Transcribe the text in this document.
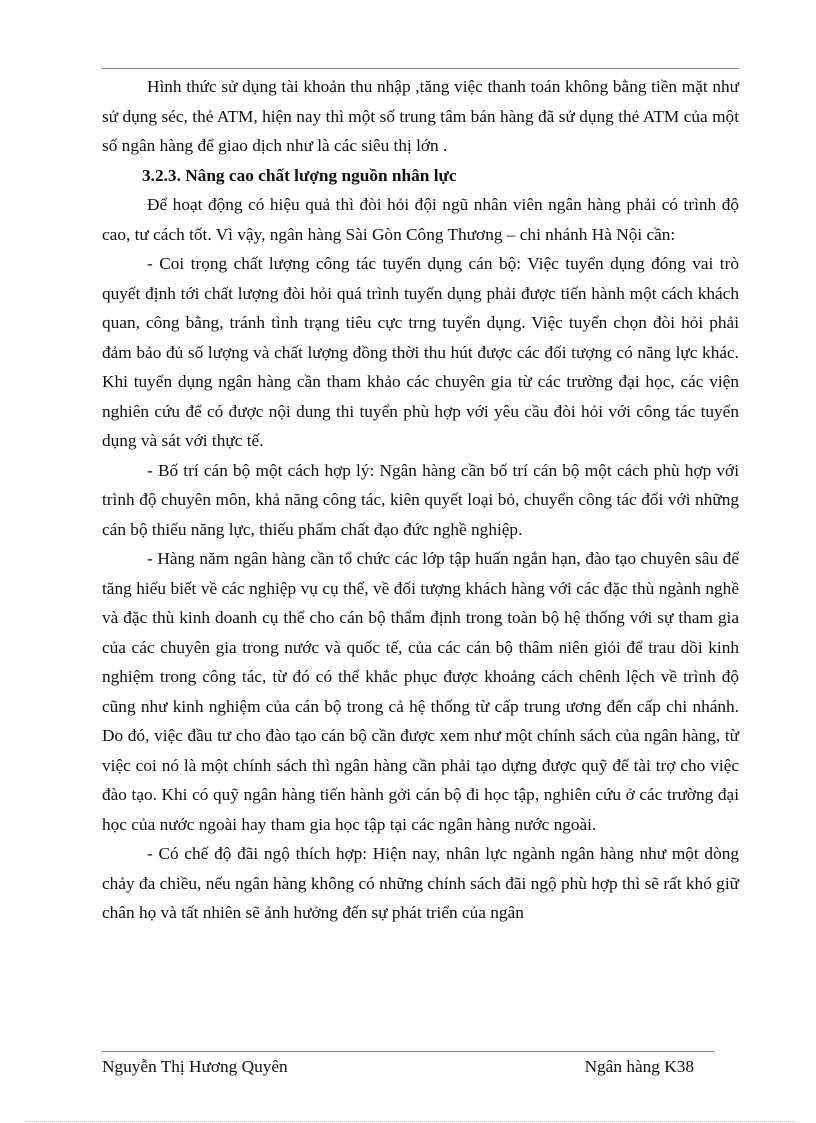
Hình thức sử dụng tài khoản thu nhập ,tăng việc thanh toán không bằng tiền mặt như sử dụng séc, thẻ ATM, hiện nay thì một số trung tâm bán hàng đã sử dụng thẻ ATM của một số ngân hàng để giao dịch như là các siêu thị lớn .

3.2.3. Nâng cao chất lượng nguồn nhân lực

Để hoạt động có hiệu quả thì đòi hỏi đội ngũ nhân viên ngân hàng phải có trình độ cao, tư cách tốt. Vì vậy, ngân hàng Sài Gòn Công Thương – chi nhánh Hà Nội cần:

- Coi trọng chất lượng công tác tuyển dụng cán bộ: Việc tuyển dụng đóng vai trò quyết định tới chất lượng đòi hỏi quá trình tuyển dụng phải được tiến hành một cách khách quan, công bằng, tránh tình trạng tiêu cực trng tuyển dụng. Việc tuyển chọn đòi hỏi phải đảm bảo đủ số lượng và chất lượng đồng thời thu hút được các đối tượng có năng lực khác. Khi tuyển dụng ngân hàng cần tham khảo các chuyên gia từ các trường đại học, các viện nghiên cứu để có được nội dung thi tuyển phù hợp với yêu cầu đòi hỏi với công tác tuyển dụng và sát với thực tế.

- Bố trí cán bộ một cách hợp lý: Ngân hàng cần bố trí cán bộ một cách phù hợp với trình độ chuyên môn, khả năng công tác, kiên quyết loại bỏ, chuyển công tác đối với những cán bộ thiếu năng lực, thiếu phẩm chất đạo đức nghề nghiệp.

- Hàng năm ngân hàng cần tổ chức các lớp tập huấn ngắn hạn, đào tạo chuyên sâu để tăng hiểu biết về các nghiệp vụ cụ thể, về đối tượng khách hàng với các đặc thù ngành nghề và đặc thù kinh doanh cụ thể cho cán bộ thẩm định trong toàn bộ hệ thống với sự tham gia của các chuyên gia trong nước và quốc tế, của các cán bộ thâm niên giỏi để trau dồi kinh nghiệm trong công tác, từ đó có thể khắc phục được khoảng cách chênh lệch về trình độ cũng như kinh nghiệm của cán bộ trong cả hệ thống từ cấp trung ương đến cấp chi nhánh. Do đó, việc đầu tư cho đào tạo cán bộ cần được xem như một chính sách của ngân hàng, từ việc coi nó là một chính sách thì ngân hàng cần phải tạo dựng được quỹ để tài trợ cho việc đào tạo. Khi có quỹ ngân hàng tiến hành gởi cán bộ đi học tập, nghiên cứu ở các trường đại học của nước ngoài hay tham gia học tập tại các ngân hàng nước ngoài.

- Có chế độ đãi ngộ thích hợp: Hiện nay, nhân lực ngành ngân hàng như một dòng chảy đa chiều, nếu ngân hàng không có những chính sách đãi ngộ phù hợp thì sẽ rất khó giữ chân họ và tất nhiên sẽ ảnh hưởng đến sự phát triển của ngân

Nguyễn Thị Hương Quyên	Ngân hàng K38
